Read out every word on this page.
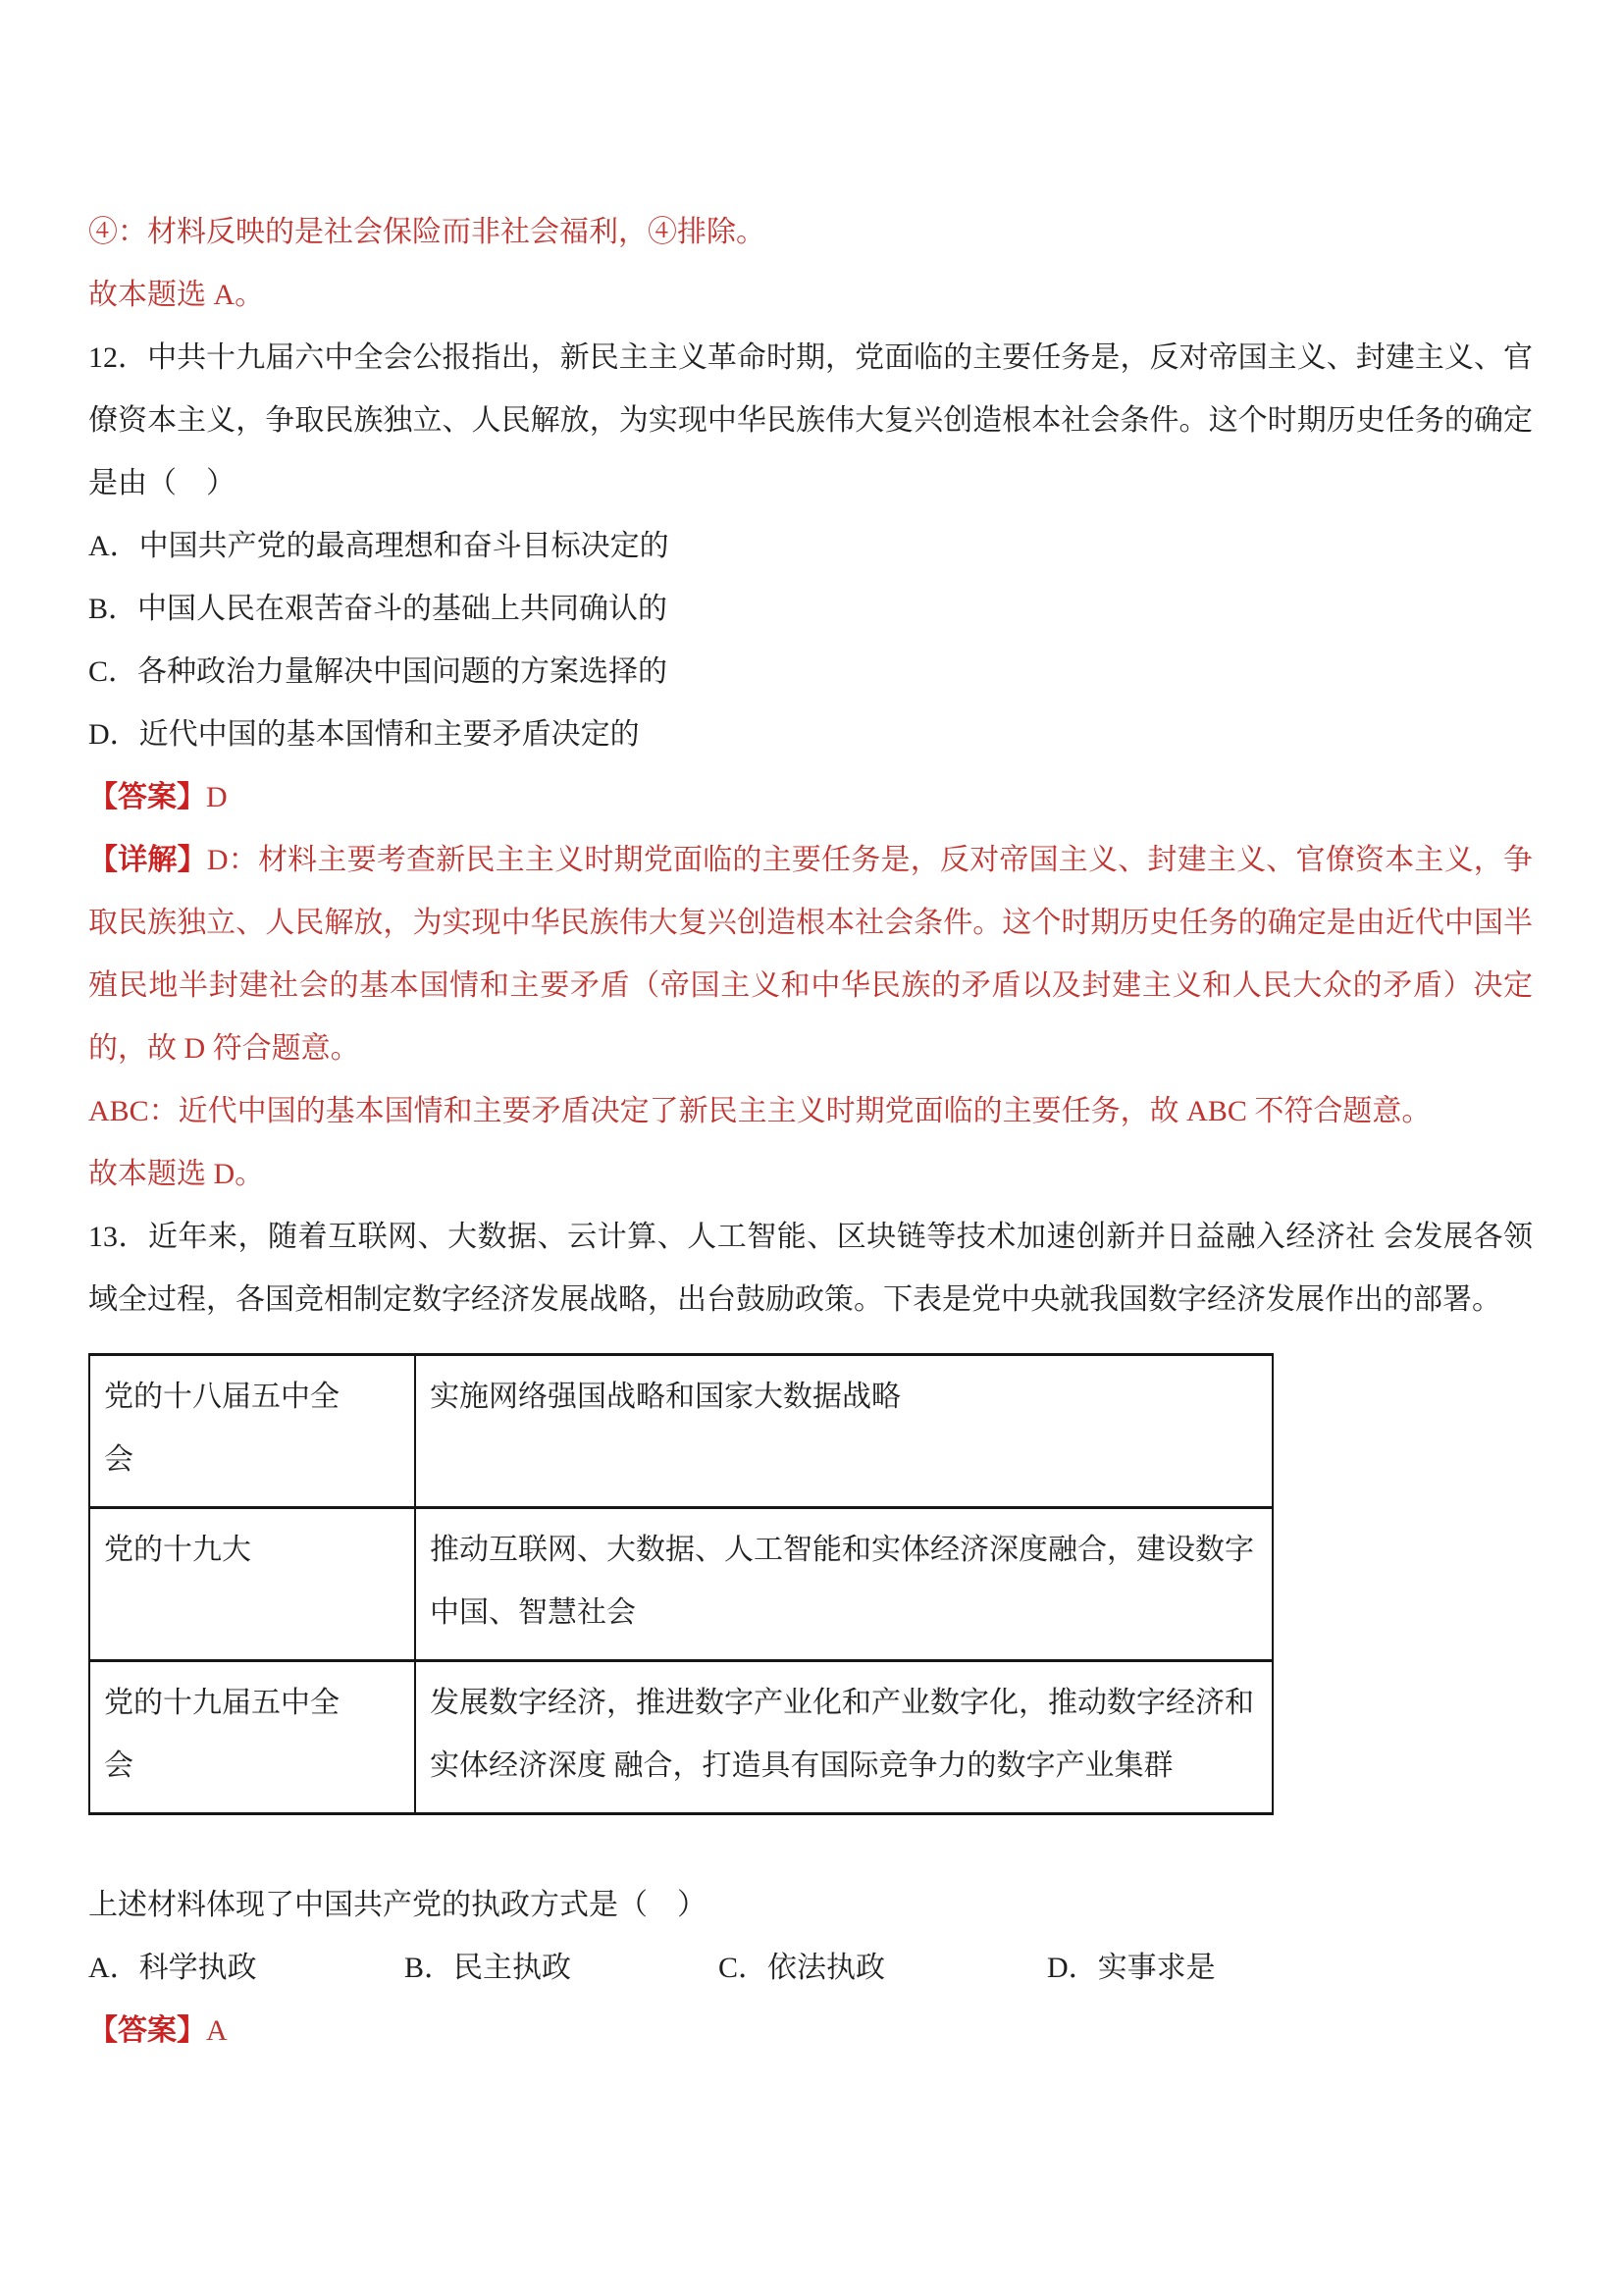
④：材料反映的是社会保险而非社会福利，④排除。

故本题选 A。

12．中共十九届六中全会公报指出，新民主主义革命时期，党面临的主要任务是，反对帝国主义、封建主义、官僚资本主义，争取民族独立、人民解放，为实现中华民族伟大复兴创造根本社会条件。这个时期历史任务的确定是由（　）

A．中国共产党的最高理想和奋斗目标决定的

B．中国人民在艰苦奋斗的基础上共同确认的

C．各种政治力量解决中国问题的方案选择的

D．近代中国的基本国情和主要矛盾决定的

【答案】D

【详解】D：材料主要考查新民主主义时期党面临的主要任务是，反对帝国主义、封建主义、官僚资本主义，争取民族独立、人民解放，为实现中华民族伟大复兴创造根本社会条件。这个时期历史任务的确定是由近代中国半殖民地半封建社会的基本国情和主要矛盾（帝国主义和中华民族的矛盾以及封建主义和人民大众的矛盾）决定的，故 D 符合题意。

ABC：近代中国的基本国情和主要矛盾决定了新民主主义时期党面临的主要任务，故 ABC 不符合题意。

故本题选 D。

13．近年来，随着互联网、大数据、云计算、人工智能、区块链等技术加速创新并日益融入经济社 会发展各领域全过程，各国竞相制定数字经济发展战略，出台鼓励政策。下表是党中央就我国数字经济发展作出的部署。

党的十八届五中全会	实施网络强国战略和国家大数据战略

党的十九大	推动互联网、大数据、人工智能和实体经济深度融合，建设数字中国、智慧社会

党的十九届五中全会	发展数字经济，推进数字产业化和产业数字化，推动数字经济和实体经济深度 融合，打造具有国际竞争力的数字产业集群

上述材料体现了中国共产党的执政方式是（　）

A．科学执政	B．民主执政	C．依法执政	D．实事求是

【答案】A
